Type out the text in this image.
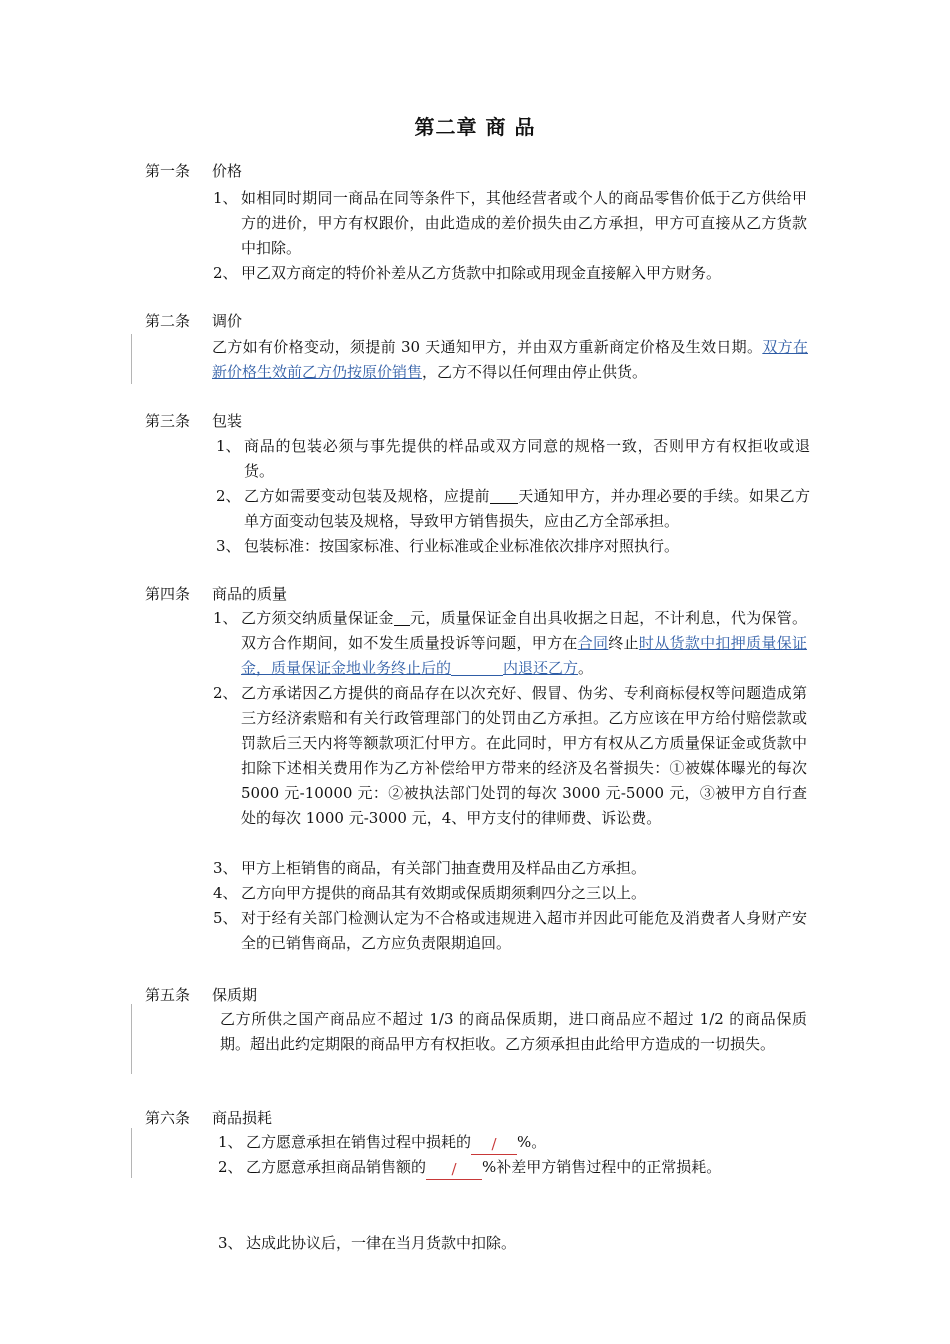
第二章 商 品
第一条 价格
1、 如相同时期同一商品在同等条件下，其他经营者或个人的商品零售价低于乙方供给甲方的进价，甲方有权跟价，由此造成的差价损失由乙方承担，甲方可直接从乙方货款中扣除。
2、 甲乙双方商定的特价补差从乙方货款中扣除或用现金直接解入甲方财务。
第二条 调价
乙方如有价格变动，须提前 30 天通知甲方，并由双方重新商定价格及生效日期。双方在新价格生效前乙方仍按原价销售，乙方不得以任何理由停止供货。
第三条 包装
1、 商品的包装必须与事先提供的样品或双方同意的规格一致，否则甲方有权拒收或退货。
2、 乙方如需要变动包装及规格，应提前 天通知甲方，并办理必要的手续。如果乙方单方面变动包装及规格，导致甲方销售损失，应由乙方全部承担。
3、 包装标准：按国家标准、行业标准或企业标准依次排序对照执行。
第四条 商品的质量
1、 乙方须交纳质量保证金 元，质量保证金自出具收据之日起，不计利息，代为保管。双方合作期间，如不发生质量投诉等问题，甲方在合同终止时从货款中扣押质量保证金，质量保证金地业务终止后的	内退还乙方。
2、 乙方承诺因乙方提供的商品存在以次充好、假冒、伪劣、专利商标侵权等问题造成第三方经济索赔和有关行政管理部门的处罚由乙方承担。乙方应该在甲方给付赔偿款或罚款后三天内将等额款项汇付甲方。在此同时，甲方有权从乙方质量保证金或货款中扣除下述相关费用作为乙方补偿给甲方带来的经济及名誉损失：①被媒体曝光的每次 5000 元-10000 元：②被执法部门处罚的每次 3000 元-5000 元，③被甲方自行查处的每次 1000 元-3000 元，4、甲方支付的律师费、诉讼费。
3、 甲方上柜销售的商品，有关部门抽查费用及样品由乙方承担。
4、 乙方向甲方提供的商品其有效期或保质期须剩四分之三以上。
5、 对于经有关部门检测认定为不合格或违规进入超市并因此可能危及消费者人身财产安全的已销售商品，乙方应负责限期追回。
第五条 保质期
乙方所供之国产商品应不超过 1/3 的商品保质期，进口商品应不超过 1/2 的商品保质期。超出此约定期限的商品甲方有权拒收。乙方须承担由此给甲方造成的一切损失。
第六条 商品损耗
1、 乙方愿意承担在销售过程中损耗的 / %。
2、 乙方愿意承担商品销售额的 / %补差甲方销售过程中的正常损耗。
3、 达成此协议后，一律在当月货款中扣除。
